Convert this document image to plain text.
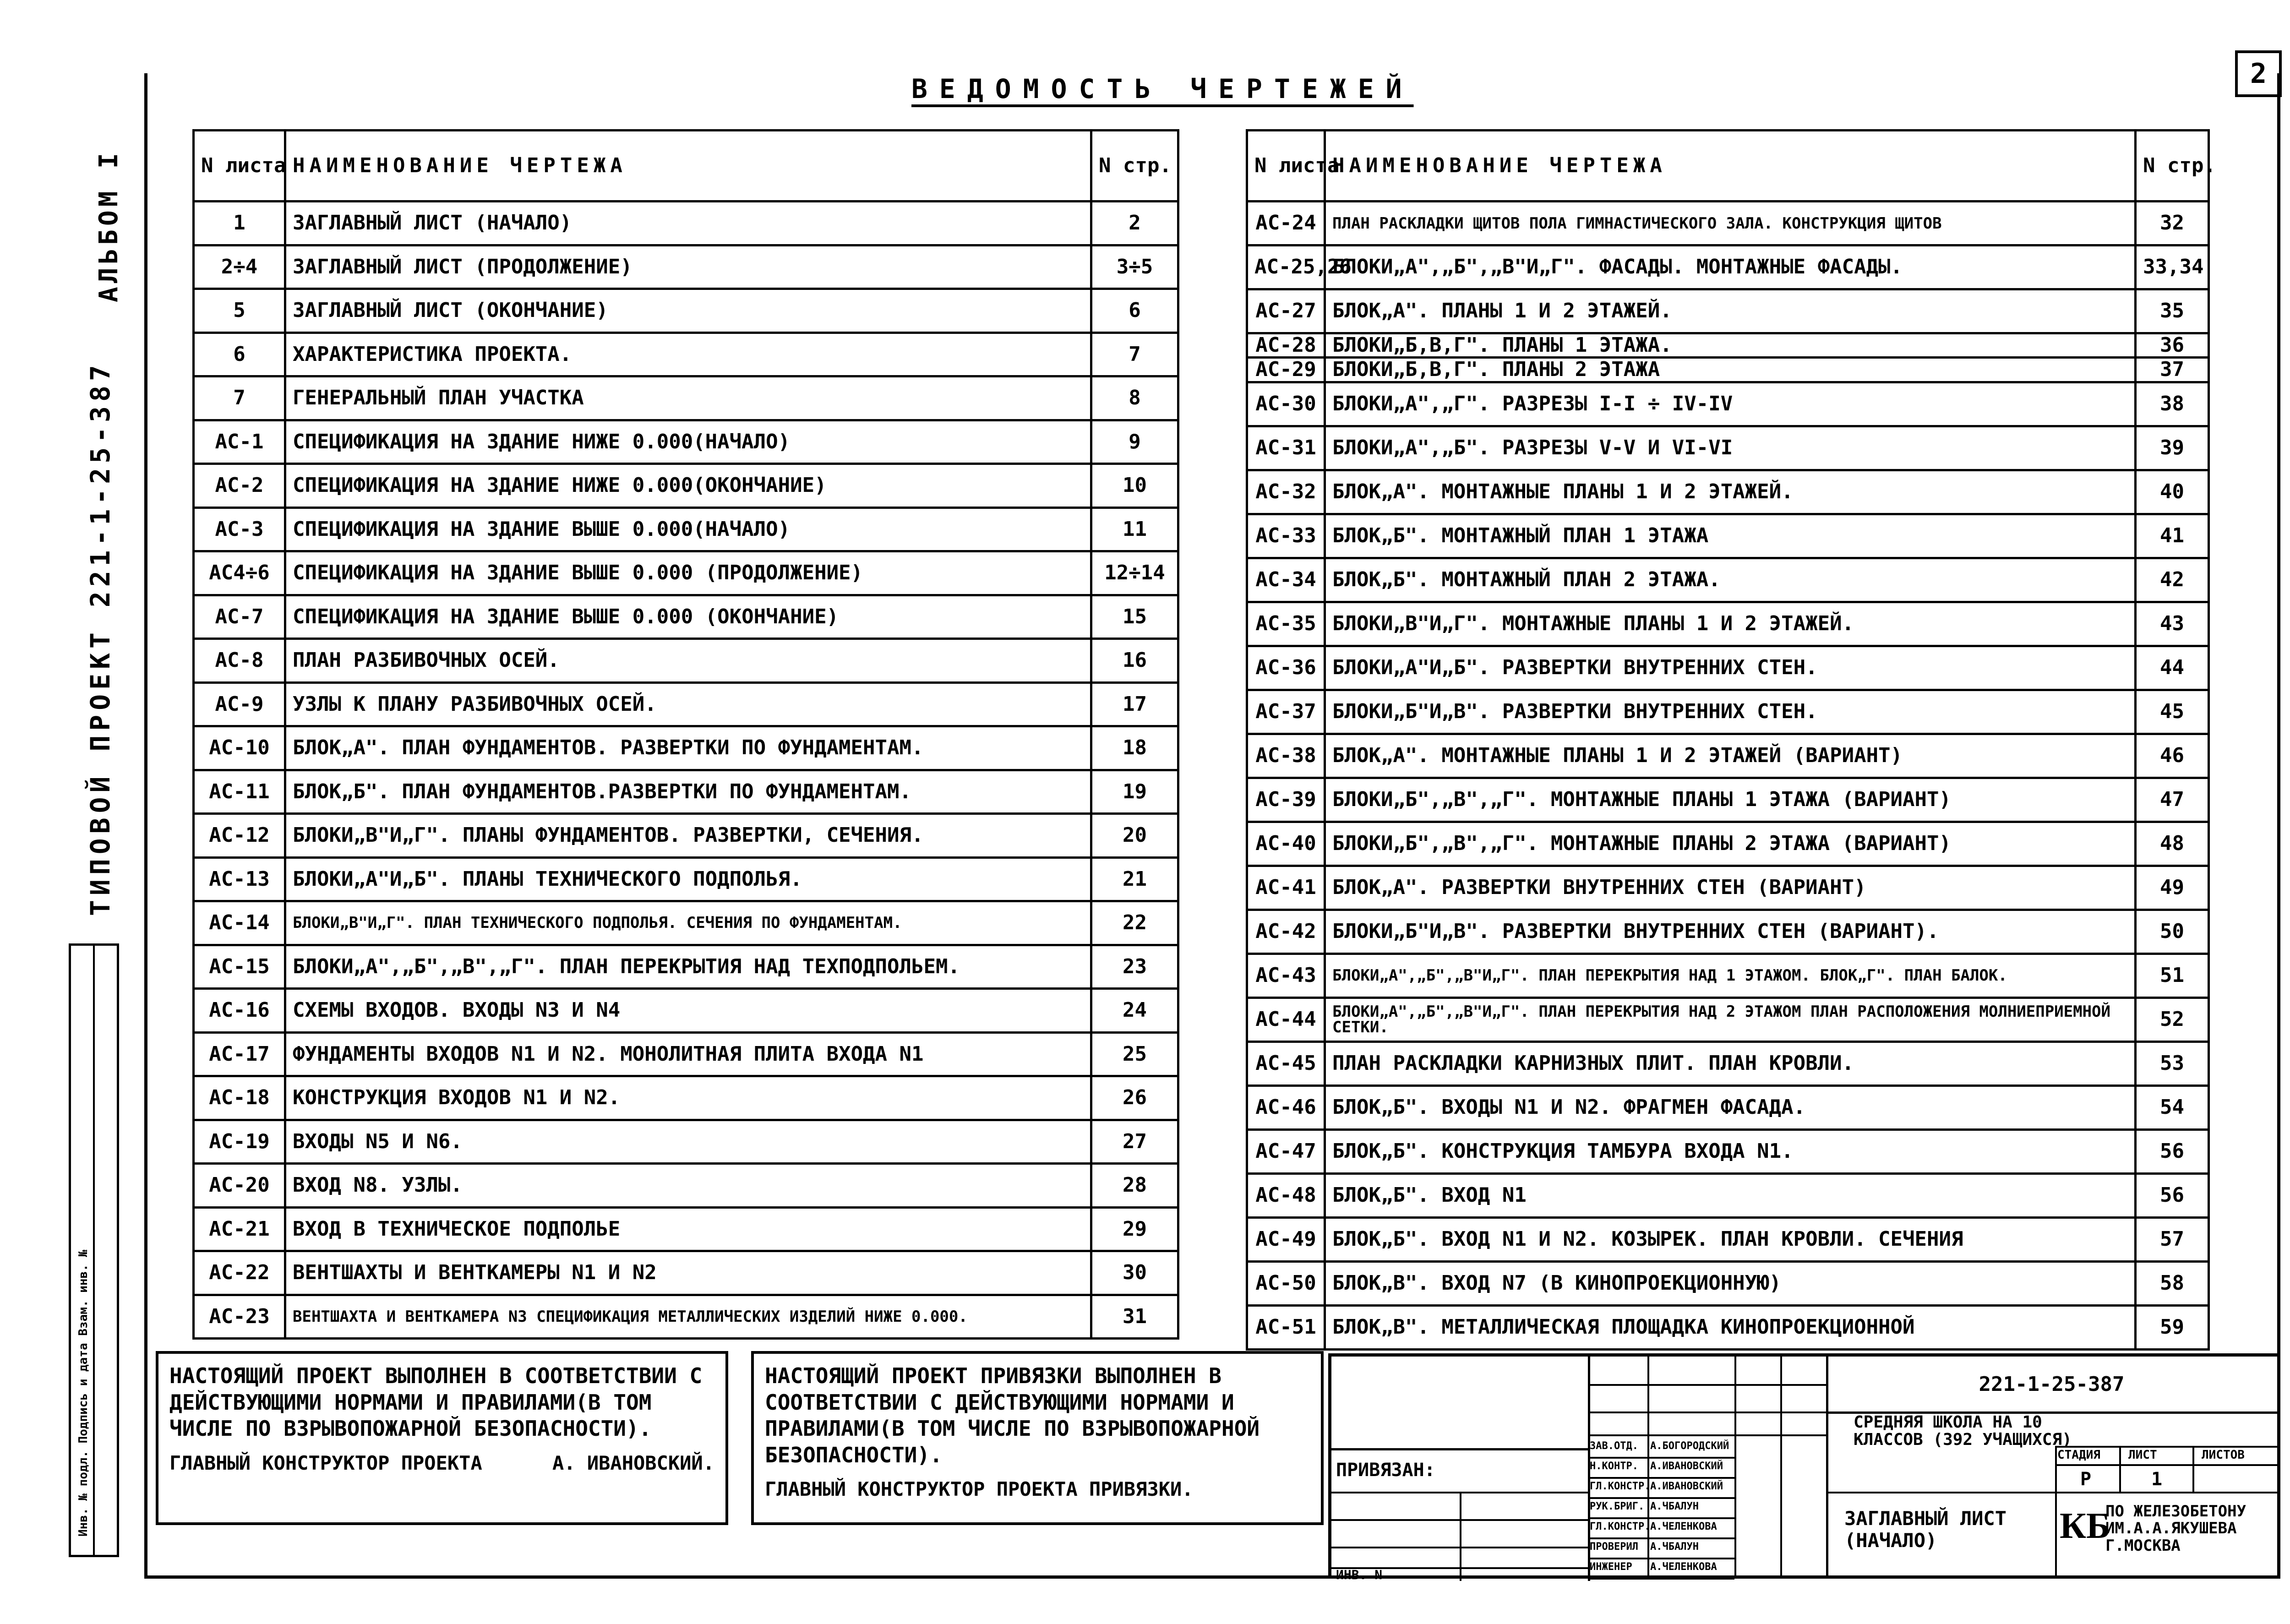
2
ВЕДОМОСТЬ ЧЕРТЕЖЕЙ
АЛЬБОМ I
ТИПОВОЙ ПРОЕКТ 221-1-25-387
Инв. № подл. Подпись и дата Взам. инв. №
N листа	НАИМЕНОВАНИЕ ЧЕРТЕЖА	N стр.
1	ЗАГЛАВНЫЙ ЛИСТ (НАЧАЛО)	2
2÷4	ЗАГЛАВНЫЙ ЛИСТ (ПРОДОЛЖЕНИЕ)	3÷5
5	ЗАГЛАВНЫЙ ЛИСТ (ОКОНЧАНИЕ)	6
6	ХАРАКТЕРИСТИКА ПРОЕКТА.	7
7	ГЕНЕРАЛЬНЫЙ ПЛАН УЧАСТКА	8
АС-1	СПЕЦИФИКАЦИЯ НА ЗДАНИЕ НИЖЕ 0.000(НАЧАЛО)	9
АС-2	СПЕЦИФИКАЦИЯ НА ЗДАНИЕ НИЖЕ 0.000(ОКОНЧАНИЕ)	10
АС-3	СПЕЦИФИКАЦИЯ НА ЗДАНИЕ ВЫШЕ 0.000(НАЧАЛО)	11
АС4÷6	СПЕЦИФИКАЦИЯ НА ЗДАНИЕ ВЫШЕ 0.000 (ПРОДОЛЖЕНИЕ)	12÷14
АС-7	СПЕЦИФИКАЦИЯ НА ЗДАНИЕ ВЫШЕ 0.000 (ОКОНЧАНИЕ)	15
АС-8	ПЛАН РАЗБИВОЧНЫХ ОСЕЙ.	16
АС-9	УЗЛЫ К ПЛАНУ РАЗБИВОЧНЫХ ОСЕЙ.	17
АС-10	БЛОК„А". ПЛАН ФУНДАМЕНТОВ. РАЗВЕРТКИ ПО ФУНДАМЕНТАМ.	18
АС-11	БЛОК„Б". ПЛАН ФУНДАМЕНТОВ.РАЗВЕРТКИ ПО ФУНДАМЕНТАМ.	19
АС-12	БЛОКИ„В"И„Г". ПЛАНЫ ФУНДАМЕНТОВ. РАЗВЕРТКИ, СЕЧЕНИЯ.	20
АС-13	БЛОКИ„А"И„Б". ПЛАНЫ ТЕХНИЧЕСКОГО ПОДПОЛЬЯ.	21
АС-14	БЛОКИ„В"И„Г". ПЛАН ТЕХНИЧЕСКОГО ПОДПОЛЬЯ. СЕЧЕНИЯ ПО ФУНДАМЕНТАМ.	22
АС-15	БЛОКИ„А",„Б",„В",„Г". ПЛАН ПЕРЕКРЫТИЯ НАД ТЕХПОДПОЛЬЕМ.	23
АС-16	СХЕМЫ ВХОДОВ. ВХОДЫ N3 И N4	24
АС-17	ФУНДАМЕНТЫ ВХОДОВ N1 И N2. МОНОЛИТНАЯ ПЛИТА ВХОДА N1	25
АС-18	КОНСТРУКЦИЯ ВХОДОВ N1 И N2.	26
АС-19	ВХОДЫ N5 И N6.	27
АС-20	ВХОД N8. УЗЛЫ.	28
АС-21	ВХОД В ТЕХНИЧЕСКОЕ ПОДПОЛЬЕ	29
АС-22	ВЕНТШАХТЫ И ВЕНТКАМЕРЫ N1 И N2	30
АС-23	ВЕНТШАХТА И ВЕНТКАМЕРА N3 СПЕЦИФИКАЦИЯ МЕТАЛЛИЧЕСКИХ ИЗДЕЛИЙ НИЖЕ 0.000.	31
N листа	НАИМЕНОВАНИЕ ЧЕРТЕЖА	N стр.
АС-24	ПЛАН РАСКЛАДКИ ЩИТОВ ПОЛА ГИМНАСТИЧЕСКОГО ЗАЛА. КОНСТРУКЦИЯ ЩИТОВ	32
АС-25,26	БЛОКИ„А",„Б",„В"И„Г". ФАСАДЫ. МОНТАЖНЫЕ ФАСАДЫ.	33,34
АС-27	БЛОК„А". ПЛАНЫ 1 И 2 ЭТАЖЕЙ.	35
АС-28	БЛОКИ„Б,В,Г". ПЛАНЫ 1 ЭТАЖА.	36
АС-29	БЛОКИ„Б,В,Г". ПЛАНЫ 2 ЭТАЖА	37
АС-30	БЛОКИ„А",„Г". РАЗРЕЗЫ I-I ÷ IV-IV	38
АС-31	БЛОКИ„А",„Б". РАЗРЕЗЫ V-V И VI-VI	39
АС-32	БЛОК„А". МОНТАЖНЫЕ ПЛАНЫ 1 И 2 ЭТАЖЕЙ.	40
АС-33	БЛОК„Б". МОНТАЖНЫЙ ПЛАН 1 ЭТАЖА	41
АС-34	БЛОК„Б". МОНТАЖНЫЙ ПЛАН 2 ЭТАЖА.	42
АС-35	БЛОКИ„В"И„Г". МОНТАЖНЫЕ ПЛАНЫ 1 И 2 ЭТАЖЕЙ.	43
АС-36	БЛОКИ„А"И„Б". РАЗВЕРТКИ ВНУТРЕННИХ СТЕН.	44
АС-37	БЛОКИ„Б"И„В". РАЗВЕРТКИ ВНУТРЕННИХ СТЕН.	45
АС-38	БЛОК„А". МОНТАЖНЫЕ ПЛАНЫ 1 И 2 ЭТАЖЕЙ (ВАРИАНТ)	46
АС-39	БЛОКИ„Б",„В",„Г". МОНТАЖНЫЕ ПЛАНЫ 1 ЭТАЖА (ВАРИАНТ)	47
АС-40	БЛОКИ„Б",„В",„Г". МОНТАЖНЫЕ ПЛАНЫ 2 ЭТАЖА (ВАРИАНТ)	48
АС-41	БЛОК„А". РАЗВЕРТКИ ВНУТРЕННИХ СТЕН (ВАРИАНТ)	49
АС-42	БЛОКИ„Б"И„В". РАЗВЕРТКИ ВНУТРЕННИХ СТЕН (ВАРИАНТ).	50
АС-43	БЛОКИ„А",„Б",„В"И„Г". ПЛАН ПЕРЕКРЫТИЯ НАД 1 ЭТАЖОМ. БЛОК„Г". ПЛАН БАЛОК.	51
АС-44	БЛОКИ„А",„Б",„В"И„Г". ПЛАН ПЕРЕКРЫТИЯ НАД 2 ЭТАЖОМ ПЛАН РАСПОЛОЖЕНИЯ МОЛНИЕПРИЕМНОЙ СЕТКИ.	52
АС-45	ПЛАН РАСКЛАДКИ КАРНИЗНЫХ ПЛИТ. ПЛАН КРОВЛИ.	53
АС-46	БЛОК„Б". ВХОДЫ N1 И N2. ФРАГМЕН ФАСАДА.	54
АС-47	БЛОК„Б". КОНСТРУКЦИЯ ТАМБУРА ВХОДА N1.	56
АС-48	БЛОК„Б". ВХОД N1	56
АС-49	БЛОК„Б". ВХОД N1 И N2. КОЗЫРЕК. ПЛАН КРОВЛИ. СЕЧЕНИЯ	57
АС-50	БЛОК„В". ВХОД N7 (В КИНОПРОЕКЦИОННУЮ)	58
АС-51	БЛОК„В". МЕТАЛЛИЧЕСКАЯ ПЛОЩАДКА КИНОПРОЕКЦИОННОЙ	59
НАСТОЯЩИЙ ПРОЕКТ ВЫПОЛНЕН В СООТВЕТСТВИИ С ДЕЙСТВУЮЩИМИ НОРМАМИ И ПРАВИЛАМИ(В ТОМ ЧИСЛЕ ПО ВЗРЫВОПОЖАРНОЙ БЕЗОПАСНОСТИ).
ГЛАВНЫЙ КОНСТРУКТОР ПРОЕКТА	А. ИВАНОВСКИЙ.
НАСТОЯЩИЙ ПРОЕКТ ПРИВЯЗКИ ВЫПОЛНЕН В СООТВЕТСТВИИ С ДЕЙСТВУЮЩИМИ НОРМАМИ И ПРАВИЛАМИ(В ТОМ ЧИСЛЕ ПО ВЗРЫВОПОЖАРНОЙ БЕЗОПАСНОСТИ).
ГЛАВНЫЙ КОНСТРУКТОР ПРОЕКТА ПРИВЯЗКИ.
ПРИВЯЗАН:
ИНВ. N
ЗАВ.ОТД.	А.БОГОРОДСКИЙ
Н.КОНТР.	А.ИВАНОВСКИЙ
ГЛ.КОНСТР. А.ИВАНОВСКИЙ
РУК.БРИГ. А.ЧБАЛУН
ГЛ.КОНСТР. А.ЧЕЛЕНКОВА
ПРОВЕРИЛ	А.ЧБАЛУН
ИНЖЕНЕР	А.ЧЕЛЕНКОВА
221-1-25-387
СРЕДНЯЯ ШКОЛА НА 10 КЛАССОВ (392 УЧАЩИХСЯ)
СТАДИЯ ЛИСТ	ЛИСТОВ
Р	1
ЗАГЛАВНЫЙ ЛИСТ (НАЧАЛО)	КБ
ПО ЖЕЛЕЗОБЕТОНУ ИМ.А.А.ЯКУШЕВА Г.МОСКВА
